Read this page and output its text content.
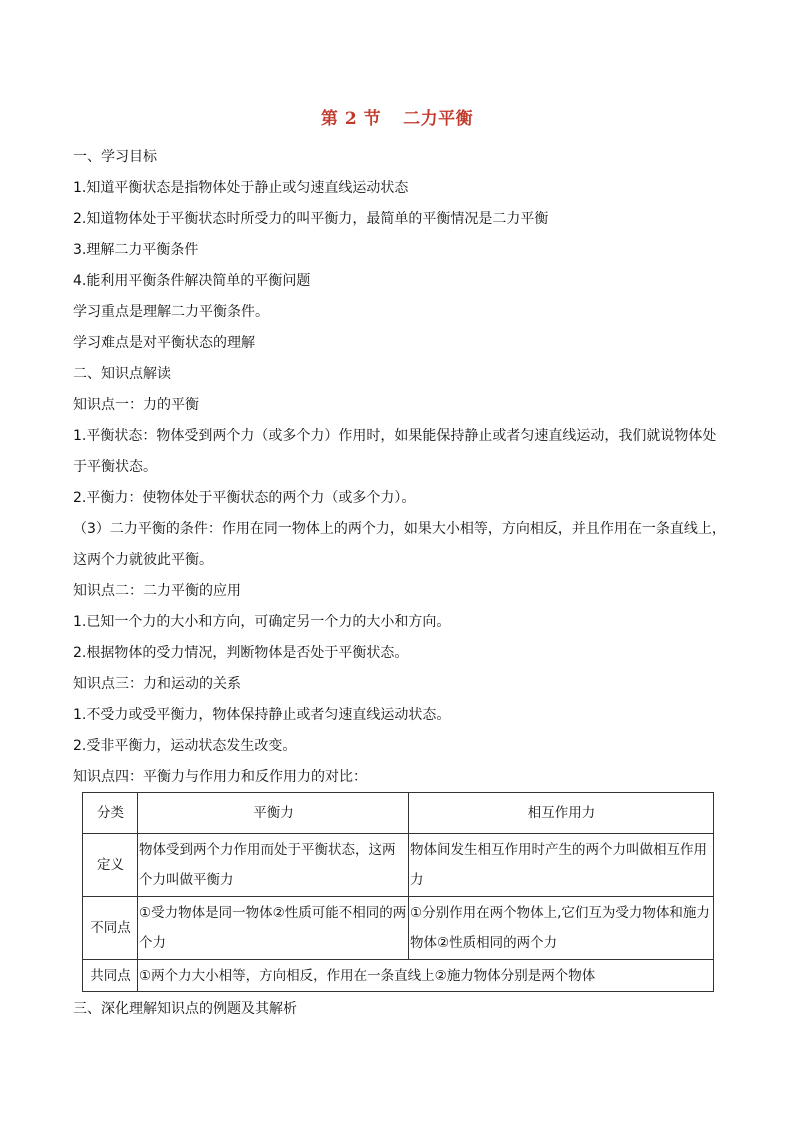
第 2 节 二力平衡

一、学习目标

1.知道平衡状态是指物体处于静止或匀速直线运动状态

2.知道物体处于平衡状态时所受力的叫平衡力，最简单的平衡情况是二力平衡

3.理解二力平衡条件

4.能利用平衡条件解决简单的平衡问题

学习重点是理解二力平衡条件。

学习难点是对平衡状态的理解

二、知识点解读

知识点一：力的平衡

1.平衡状态：物体受到两个力（或多个力）作用时，如果能保持静止或者匀速直线运动，我们就说物体处

于平衡状态。

2.平衡力：使物体处于平衡状态的两个力（或多个力）。

（3）二力平衡的条件：作用在同一物体上的两个力，如果大小相等，方向相反，并且作用在一条直线上，

这两个力就彼此平衡。

知识点二：二力平衡的应用

1.已知一个力的大小和方向，可确定另一个力的大小和方向。

2.根据物体的受力情况，判断物体是否处于平衡状态。

知识点三：力和运动的关系

1.不受力或受平衡力，物体保持静止或者匀速直线运动状态。

2.受非平衡力，运动状态发生改变。

知识点四：平衡力与作用力和反作用力的对比：

分类	平衡力	相互作用力
定义	物体受到两个力作用而处于平衡状态，这两个力叫做平衡力	物体间发生相互作用时产生的两个力叫做相互作用力
不同点	①受力物体是同一物体②性质可能不相同的两个力	①分别作用在两个物体上,它们互为受力物体和施力物体②性质相同的两个力
共同点	①两个力大小相等，方向相反，作用在一条直线上②施力物体分别是两个物体	
三、深化理解知识点的例题及其解析
